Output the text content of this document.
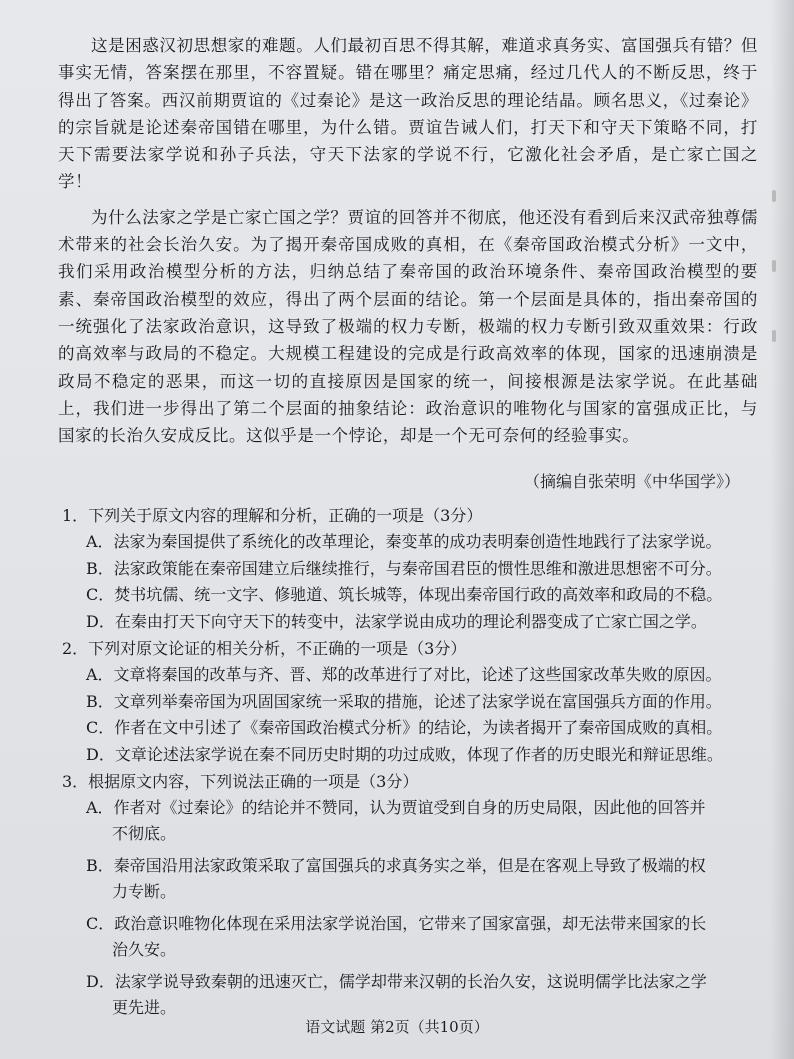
这是困惑汉初思想家的难题。人们最初百思不得其解，难道求真务实、富国强兵有错？但事实无情，答案摆在那里，不容置疑。错在哪里？痛定思痛，经过几代人的不断反思，终于得出了答案。西汉前期贾谊的《过秦论》是这一政治反思的理论结晶。顾名思义，《过秦论》的宗旨就是论述秦帝国错在哪里，为什么错。贾谊告诫人们，打天下和守天下策略不同，打天下需要法家学说和孙子兵法，守天下法家的学说不行，它激化社会矛盾，是亡家亡国之学！

为什么法家之学是亡家亡国之学？贾谊的回答并不彻底，他还没有看到后来汉武帝独尊儒术带来的社会长治久安。为了揭开秦帝国成败的真相，在《秦帝国政治模式分析》一文中，我们采用政治模型分析的方法，归纳总结了秦帝国的政治环境条件、秦帝国政治模型的要素、秦帝国政治模型的效应，得出了两个层面的结论。第一个层面是具体的，指出秦帝国的一统强化了法家政治意识，这导致了极端的权力专断，极端的权力专断引致双重效果：行政的高效率与政局的不稳定。大规模工程建设的完成是行政高效率的体现，国家的迅速崩溃是政局不稳定的恶果，而这一切的直接原因是国家的统一，间接根源是法家学说。在此基础上，我们进一步得出了第二个层面的抽象结论：政治意识的唯物化与国家的富强成正比，与国家的长治久安成反比。这似乎是一个悖论，却是一个无可奈何的经验事实。

（摘编自张荣明《中华国学》）

1．下列关于原文内容的理解和分析，正确的一项是（3分）

A．法家为秦国提供了系统化的改革理论，秦变革的成功表明秦创造性地践行了法家学说。

B．法家政策能在秦帝国建立后继续推行，与秦帝国君臣的惯性思维和激进思想密不可分。

C．焚书坑儒、统一文字、修驰道、筑长城等，体现出秦帝国行政的高效率和政局的不稳。

D．在秦由打天下向守天下的转变中，法家学说由成功的理论利器变成了亡家亡国之学。

2．下列对原文论证的相关分析，不正确的一项是（3分）

A．文章将秦国的改革与齐、晋、郑的改革进行了对比，论述了这些国家改革失败的原因。

B．文章列举秦帝国为巩固国家统一采取的措施，论述了法家学说在富国强兵方面的作用。

C．作者在文中引述了《秦帝国政治模式分析》的结论，为读者揭开了秦帝国成败的真相。

D．文章论述法家学说在秦不同历史时期的功过成败，体现了作者的历史眼光和辩证思维。

3．根据原文内容，下列说法正确的一项是（3分）

A．作者对《过秦论》的结论并不赞同，认为贾谊受到自身的历史局限，因此他的回答并不彻底。

B．秦帝国沿用法家政策采取了富国强兵的求真务实之举，但是在客观上导致了极端的权力专断。

C．政治意识唯物化体现在采用法家学说治国，它带来了国家富强，却无法带来国家的长治久安。

D．法家学说导致秦朝的迅速灭亡，儒学却带来汉朝的长治久安，这说明儒学比法家之学更先进。

语文试题 第2页（共10页）
